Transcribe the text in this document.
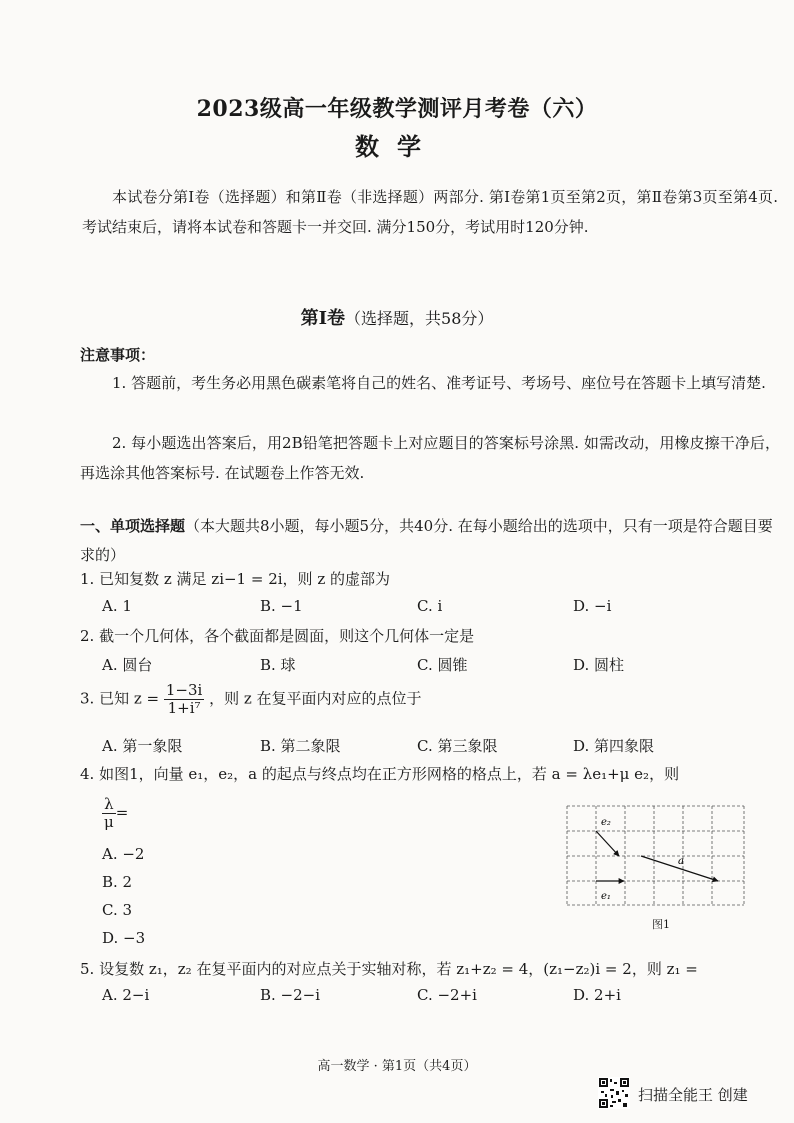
2023级高一年级教学测评月考卷（六）
数学
本试卷分第Ⅰ卷（选择题）和第Ⅱ卷（非选择题）两部分. 第Ⅰ卷第1页至第2页，第Ⅱ卷第3页至第4页. 考试结束后，请将本试卷和答题卡一并交回. 满分150分，考试用时120分钟.
第Ⅰ卷（选择题，共58分）
注意事项：
1. 答题前，考生务必用黑色碳素笔将自己的姓名、准考证号、考场号、座位号在答题卡上填写清楚.
2. 每小题选出答案后，用2B铅笔把答题卡上对应题目的答案标号涂黑. 如需改动，用橡皮擦干净后，再选涂其他答案标号. 在试题卷上作答无效.
一、单项选择题（本大题共8小题，每小题5分，共40分. 在每小题给出的选项中，只有一项是符合题目要求的）
1. 已知复数 z 满足 zi−1 = 2i，则 z 的虚部为
A. 1	B. −1	C. i	D. −i
2. 截一个几何体，各个截面都是圆面，则这个几何体一定是
A. 圆台	B. 球	C. 圆锥	D. 圆柱
3. 已知 $z = \frac{1-3i}{\text{1+i⁷}}$ ，则 z 在复平面内对应的点位于
A. 第一象限	B. 第二象限	C. 第三象限	D. 第四象限
4. 如图1，向量 e₁，e₂，a 的起点与终点均在正方形网格的格点上，若 a = λe₁+μ e₂，则
$\frac{\lambda}{\mu}$ =
A. −2
B. 2
C. 3
D. −3
e₂
e₁
a
图1
5. 设复数 z₁，z₂ 在复平面内的对应点关于实轴对称，若 z₁+z₂ = 4，(z₁−z₂)i = 2，则 z₁ =
A. 2−i	B. −2−i	C. −2+i	D. 2+i
高一数学 · 第1页（共4页）
扫描全能王 创建
